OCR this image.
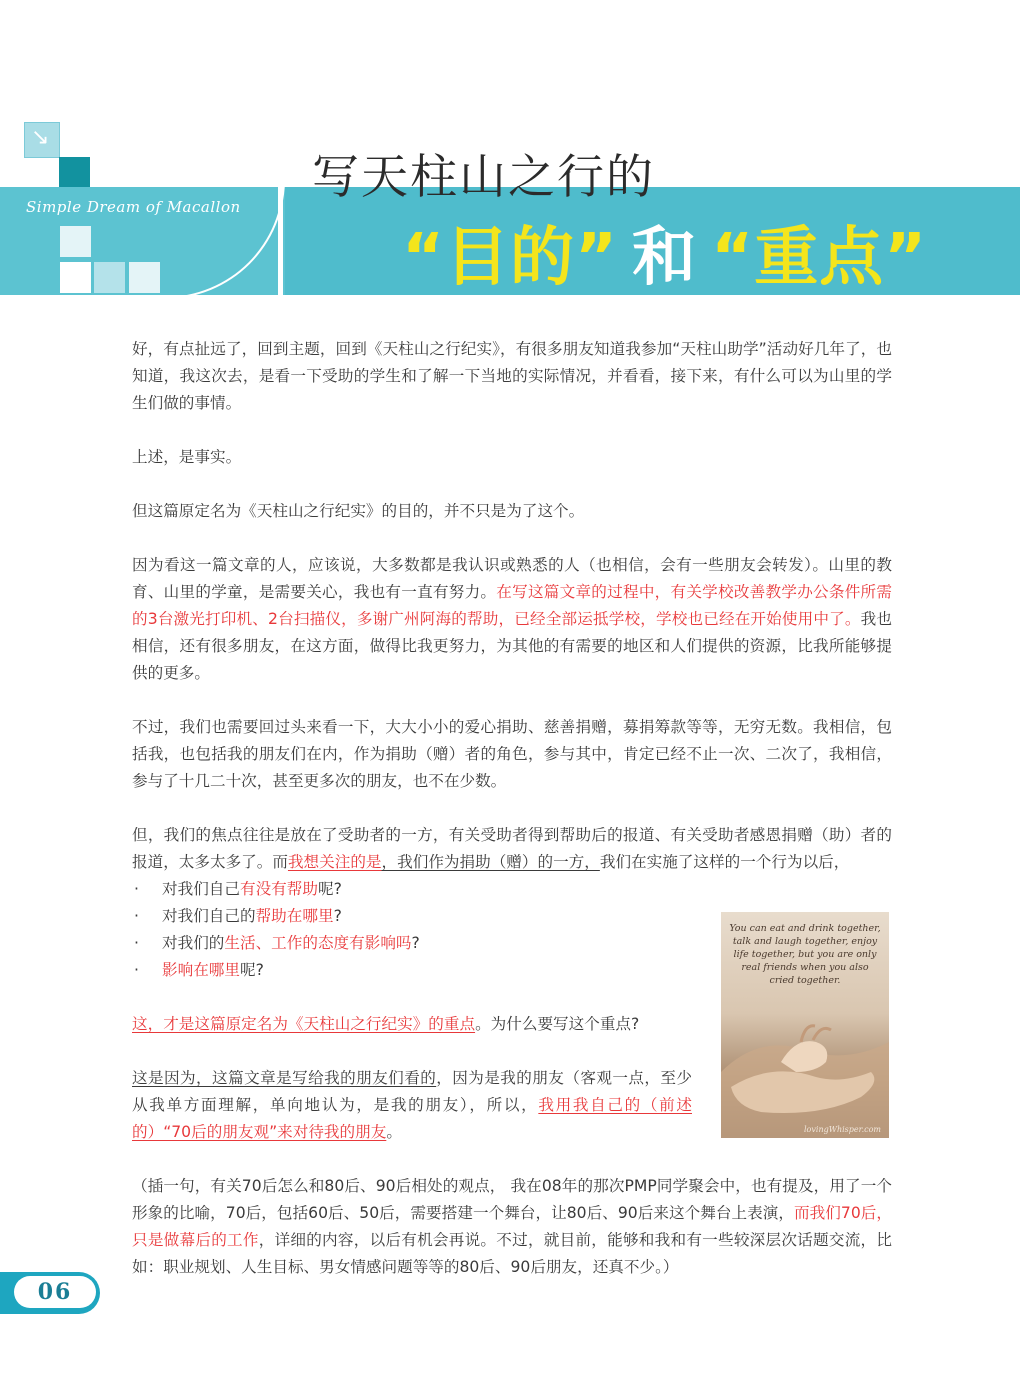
↘
Simple Dream of Macallon
写天柱山之行的
“目的” 和 “重点”

好，有点扯远了，回到主题，回到《天柱山之行纪实》，有很多朋友知道我参加“天柱山助学”活动好几年了，也知道，我这次去，是看一下受助的学生和了解一下当地的实际情况，并看看，接下来，有什么可以为山里的学生们做的事情。

上述，是事实。

但这篇原定名为《天柱山之行纪实》的目的，并不只是为了这个。

因为看这一篇文章的人，应该说，大多数都是我认识或熟悉的人（也相信，会有一些朋友会转发）。山里的教育、山里的学童，是需要关心，我也有一直有努力。在写这篇文章的过程中，有关学校改善教学办公条件所需的3台激光打印机、2台扫描仪，多谢广州阿海的帮助，已经全部运抵学校，学校也已经在开始使用中了。我也相信，还有很多朋友，在这方面，做得比我更努力，为其他的有需要的地区和人们提供的资源，比我所能够提供的更多。

不过，我们也需要回过头来看一下，大大小小的爱心捐助、慈善捐赠，募捐筹款等等，无穷无数。我相信，包括我，也包括我的朋友们在内，作为捐助（赠）者的角色，参与其中，肯定已经不止一次、二次了，我相信，参与了十几二十次，甚至更多次的朋友，也不在少数。

但，我们的焦点往往是放在了受助者的一方，有关受助者得到帮助后的报道、有关受助者感恩捐赠（助）者的报道，太多太多了。而我想关注的是，我们作为捐助（赠）的一方，我们在实施了这样的一个行为以后，

· 对我们自己有没有帮助呢?
· 对我们自己的帮助在哪里?
· 对我们的生活、工作的态度有影响吗?
· 影响在哪里呢?

这，才是这篇原定名为《天柱山之行纪实》的重点。为什么要写这个重点?

这是因为，这篇文章是写给我的朋友们看的，因为是我的朋友（客观一点，至少从我单方面理解，单向地认为，是我的朋友），所以，我用我自己的（前述的）“70后的朋友观”来对待我的朋友。

（插一句，有关70后怎么和80后、90后相处的观点， 我在08年的那次PMP同学聚会中，也有提及，用了一个形象的比喻，70后，包括60后、50后，需要搭建一个舞台，让80后、90后来这个舞台上表演，而我们70后，只是做幕后的工作，详细的内容，以后有机会再说。不过，就目前，能够和我和有一些较深层次话题交流，比如：职业规划、人生目标、男女情感问题等等的80后、90后朋友，还真不少。）

You can eat and drink together, talk and laugh together, enjoy life together, but you are only real friends when you also cried together.
lovingWhisper.com
06
